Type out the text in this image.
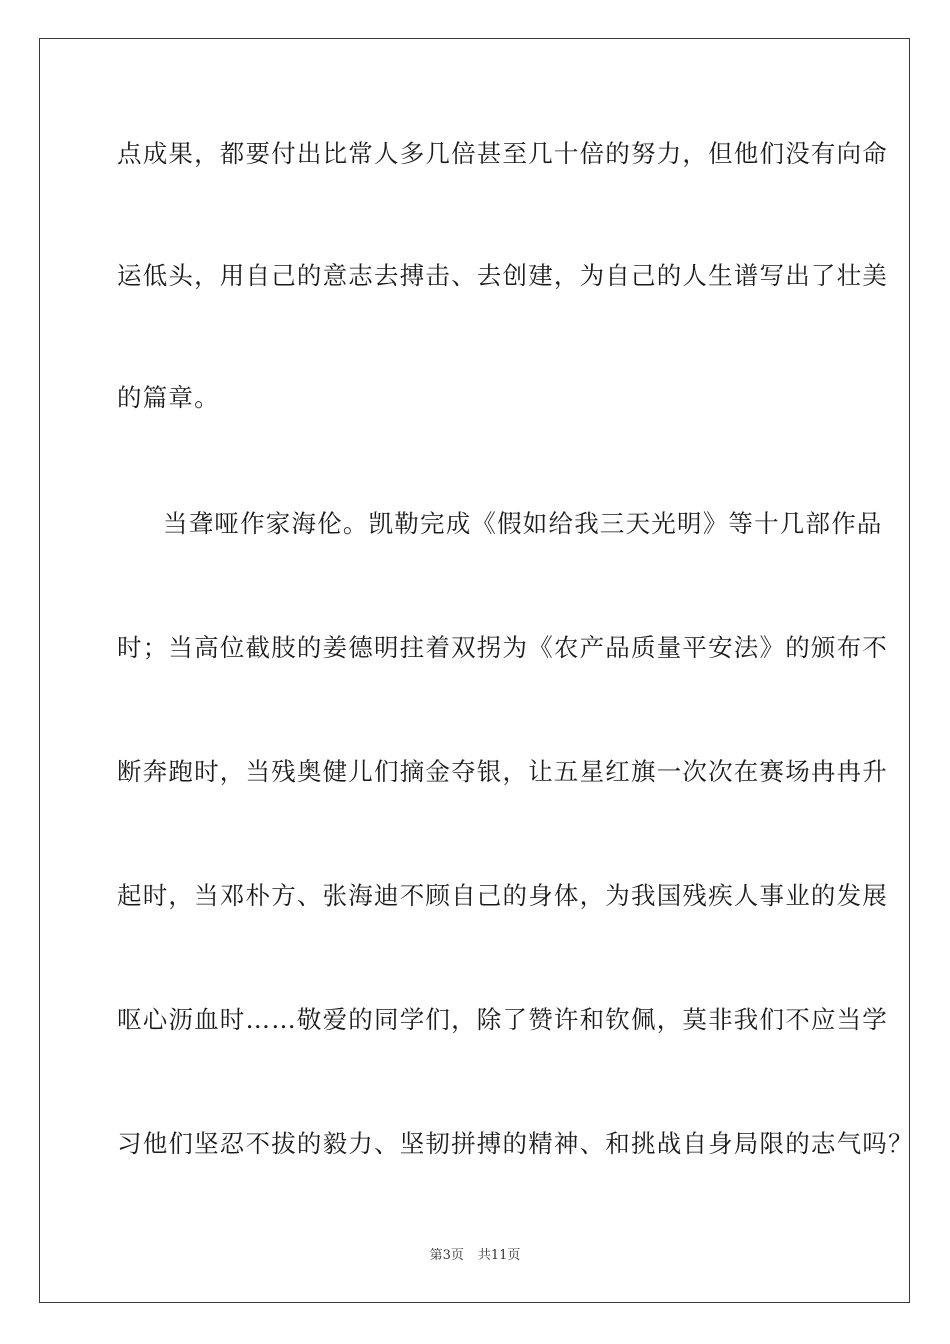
点成果，都要付出比常人多几倍甚至几十倍的努力，但他们没有向命
运低头，用自己的意志去搏击、去创建，为自己的人生谱写出了壮美
的篇章。
当聋哑作家海伦。凯勒完成《假如给我三天光明》等十几部作品
时；当高位截肢的姜德明拄着双拐为《农产品质量平安法》的颁布不
断奔跑时，当残奥健儿们摘金夺银，让五星红旗一次次在赛场冉冉升
起时，当邓朴方、张海迪不顾自己的身体，为我国残疾人事业的发展
呕心沥血时……敬爱的同学们，除了赞许和钦佩，莫非我们不应当学
习他们坚忍不拔的毅力、坚韧拼搏的精神、和挑战自身局限的志气吗？
第3页 共11页
